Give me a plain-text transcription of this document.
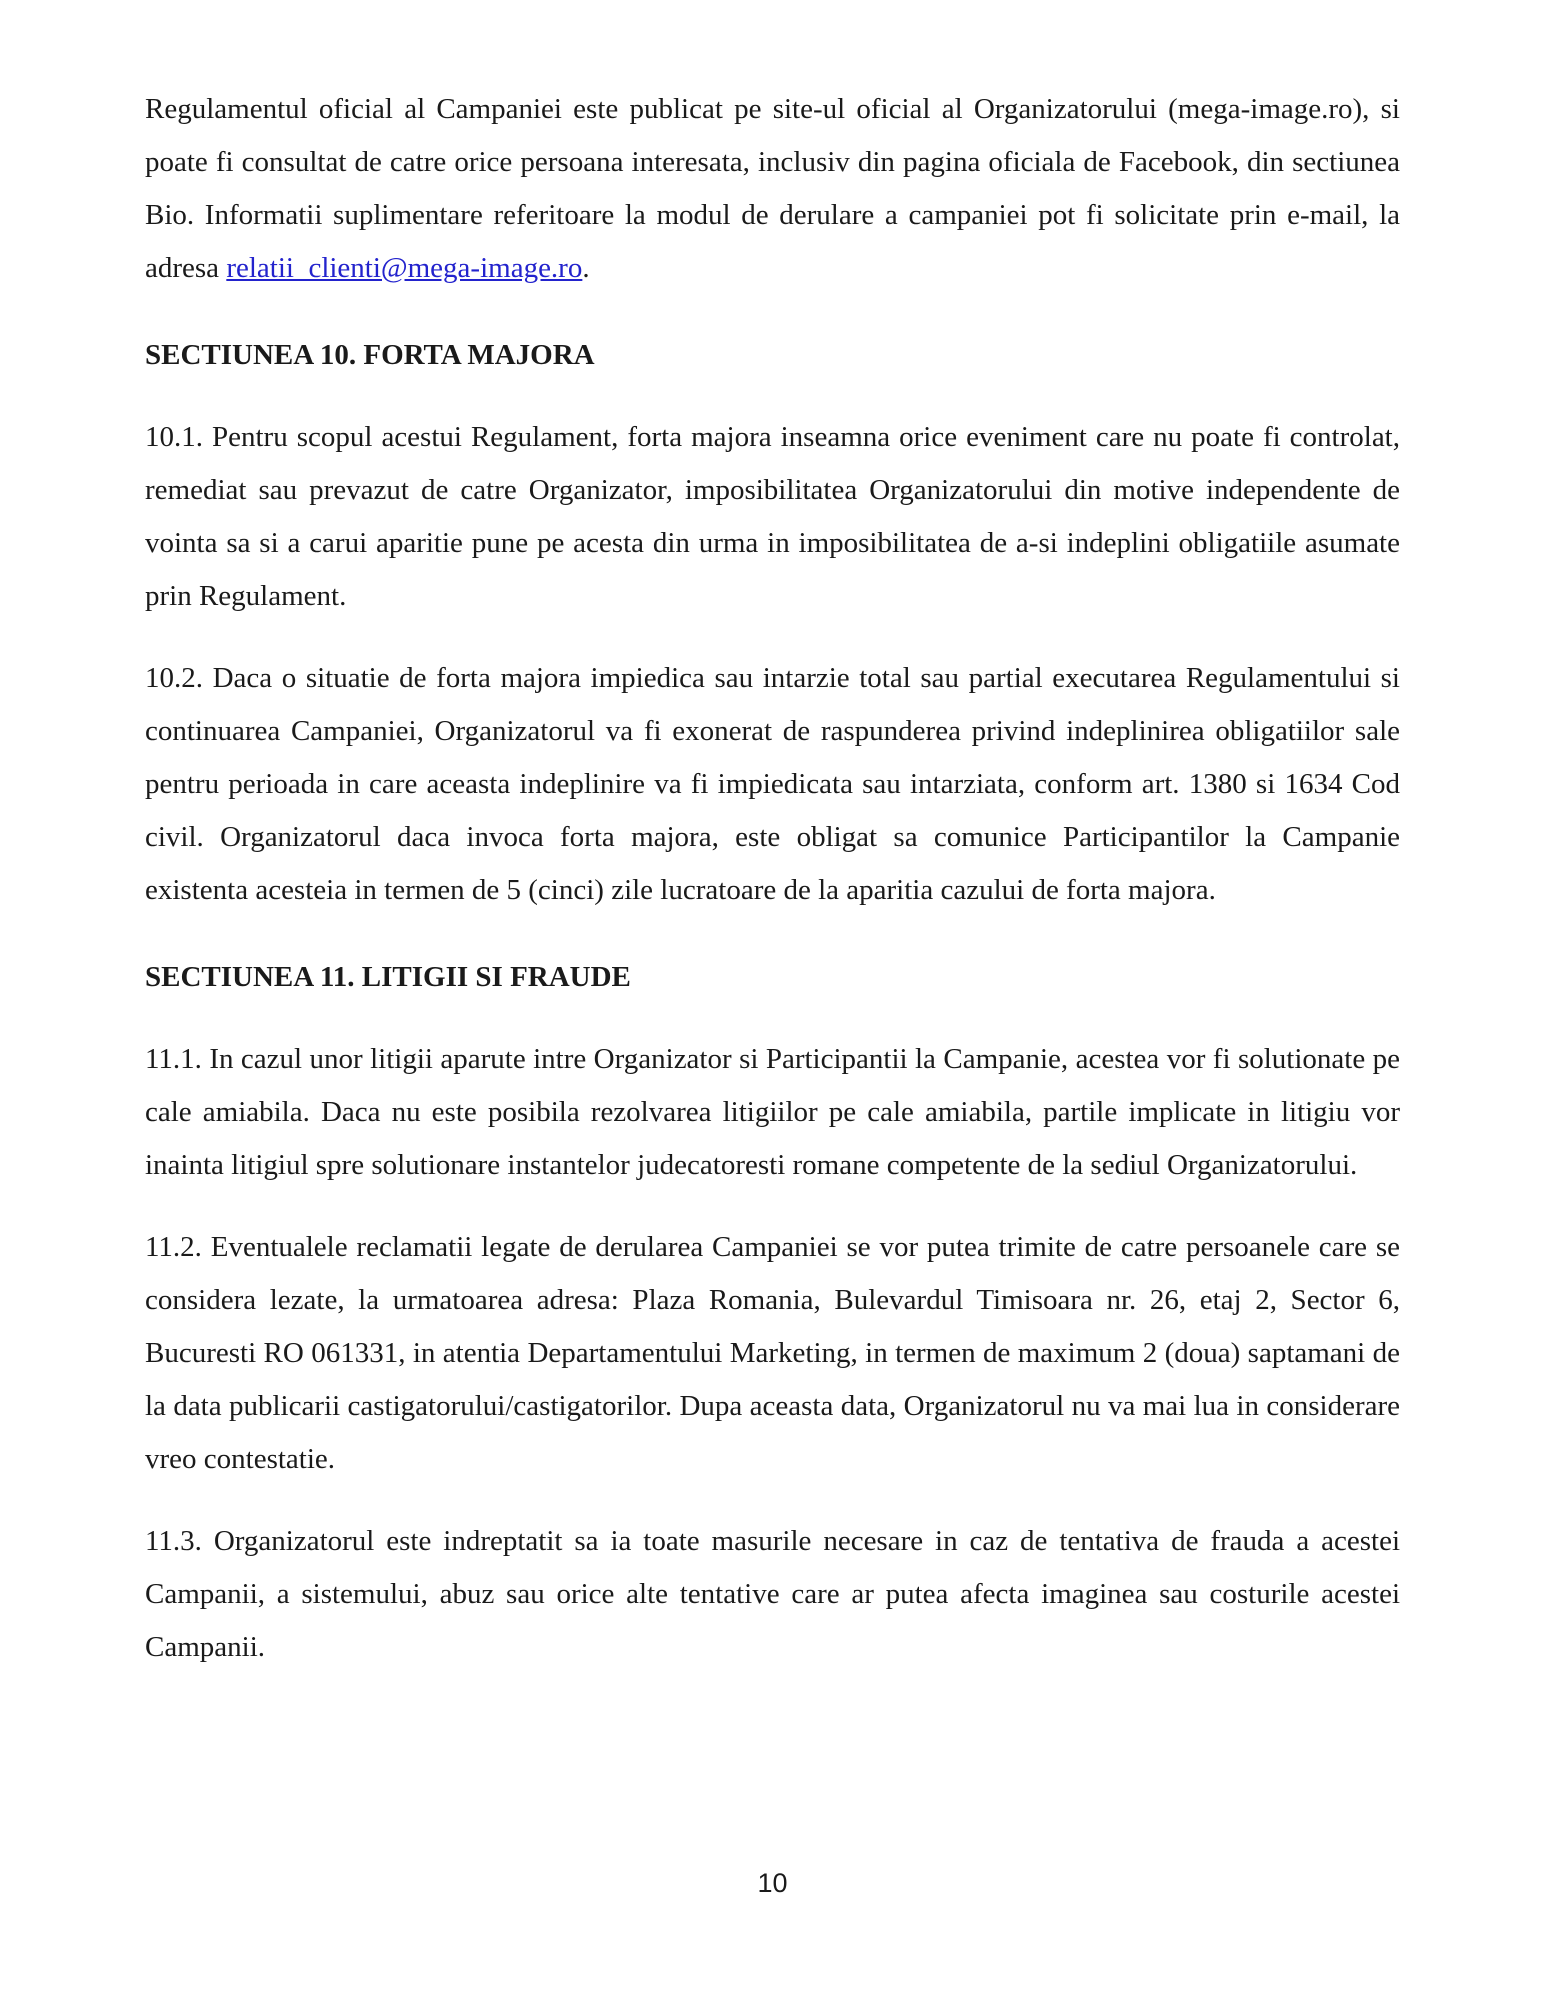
Regulamentul oficial al Campaniei este publicat pe site-ul oficial al Organizatorului (mega-image.ro), si poate fi consultat de catre orice persoana interesata, inclusiv din pagina oficiala de Facebook, din sectiunea Bio. Informatii suplimentare referitoare la modul de derulare a campaniei pot fi solicitate prin e-mail, la adresa relatii_clienti@mega-image.ro.

SECTIUNEA 10. FORTA MAJORA

10.1. Pentru scopul acestui Regulament, forta majora inseamna orice eveniment care nu poate fi controlat, remediat sau prevazut de catre Organizator, imposibilitatea Organizatorului din motive independente de vointa sa si a carui aparitie pune pe acesta din urma in imposibilitatea de a-si indeplini obligatiile asumate prin Regulament.

10.2. Daca o situatie de forta majora impiedica sau intarzie total sau partial executarea Regulamentului si continuarea Campaniei, Organizatorul va fi exonerat de raspunderea privind indeplinirea obligatiilor sale pentru perioada in care aceasta indeplinire va fi impiedicata sau intarziata, conform art. 1380 si 1634 Cod civil. Organizatorul daca invoca forta majora, este obligat sa comunice Participantilor la Campanie existenta acesteia in termen de 5 (cinci) zile lucratoare de la aparitia cazului de forta majora.

SECTIUNEA 11. LITIGII SI FRAUDE

11.1. In cazul unor litigii aparute intre Organizator si Participantii la Campanie, acestea vor fi solutionate pe cale amiabila. Daca nu este posibila rezolvarea litigiilor pe cale amiabila, partile implicate in litigiu vor inainta litigiul spre solutionare instantelor judecatoresti romane competente de la sediul Organizatorului.

11.2. Eventualele reclamatii legate de derularea Campaniei se vor putea trimite de catre persoanele care se considera lezate, la urmatoarea adresa: Plaza Romania, Bulevardul Timisoara nr. 26, etaj 2, Sector 6, Bucuresti RO 061331, in atentia Departamentului Marketing, in termen de maximum 2 (doua) saptamani de la data publicarii castigatorului/castigatorilor. Dupa aceasta data, Organizatorul nu va mai lua in considerare vreo contestatie.

11.3. Organizatorul este indreptatit sa ia toate masurile necesare in caz de tentativa de frauda a acestei Campanii, a sistemului, abuz sau orice alte tentative care ar putea afecta imaginea sau costurile acestei Campanii.

10
